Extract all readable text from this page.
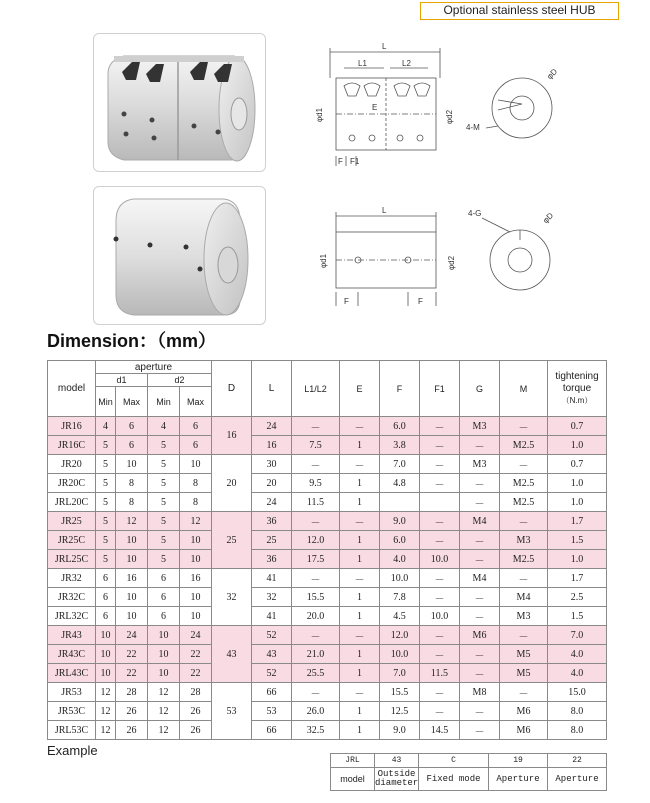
Optional stainless steel HUB
L
L1	L2
E
φd1	φd2
F F1
φD
4-M
L
φd1	φd2
F	F
4-G	φD
Dimension：（mm）
model	aperture				D	L	L1/L2	E	F	F1	G	M	tightening
torque
（N.m）
	d1		d2										
	Min	Max	Min	Max									
JR16	4	6	4	6	16	24	－	－	6.0	－	M3	－	0.7
JR16C	5	6	5	6		16	7.5	1	3.8	－	－	M2.5	1.0
JR20	5	10	5	10	20	30	－	－	7.0	－	M3	－	0.7
JR20C	5	8	5	8		20	9.5	1	4.8	－	－	M2.5	1.0
JRL20C	5	8	5	8		24	11.5	1			－	M2.5	1.0
JR25	5	12	5	12	25	36	－	－	9.0	－	M4	－	1.7
JR25C	5	10	5	10		25	12.0	1	6.0	－	－	M3	1.5
JRL25C	5	10	5	10		36	17.5	1	4.0	10.0	－	M2.5	1.0
JR32	6	16	6	16	32	41	－	－	10.0	－	M4	－	1.7
JR32C	6	10	6	10		32	15.5	1	7.8	－	－	M4	2.5
JRL32C	6	10	6	10		41	20.0	1	4.5	10.0	－	M3	1.5
JR43	10	24	10	24	43	52	－	－	12.0	－	M6	－	7.0
JR43C	10	22	10	22		43	21.0	1	10.0	－	－	M5	4.0
JRL43C	10	22	10	22		52	25.5	1	7.0	11.5	－	M5	4.0
JR53	12	28	12	28	53	66	－	－	15.5	－	M8	－	15.0
JR53C	12	26	12	26		53	26.0	1	12.5	－	－	M6	8.0
JRL53C	12	26	12	26		66	32.5	1	9.0	14.5	－	M6	8.0
Example
JRL	43	C	19	22
model	Outside diameter	Fixed mode	Aperture	Aperture
